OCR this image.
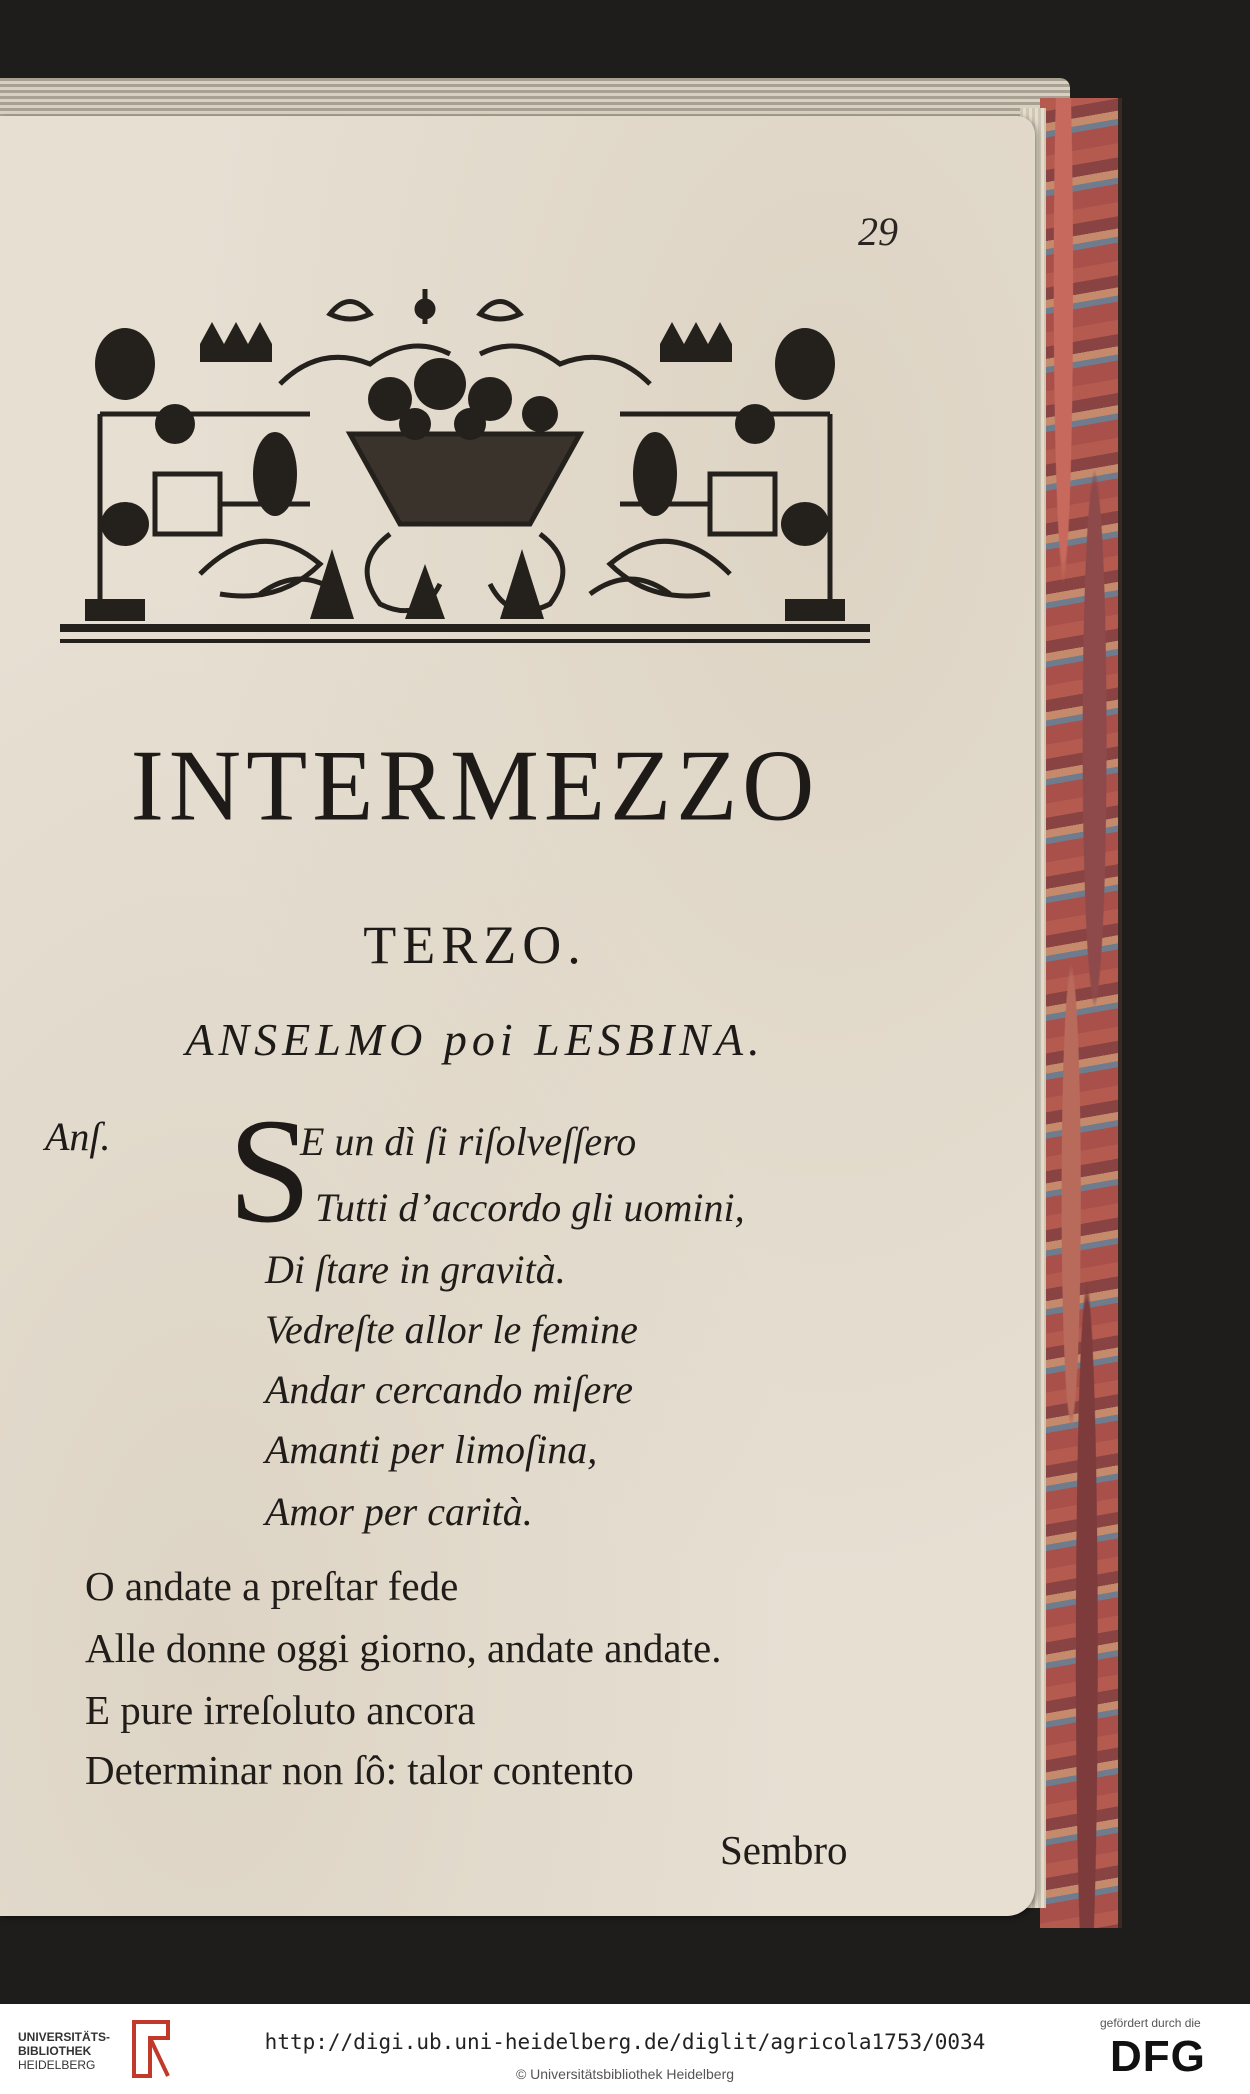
29
INTERMEZZO
TERZO.
ANSELMO poi LESBINA.
Anſ. S
E un dì ſi riſolveſſero
Tutti d’accordo gli uomini,
Di ſtare in gravità.
Vedreſte allor le femine
Andar cercando miſere
Amanti per limoſina,
Amor per carità.
O andate a preſtar fede
Alle donne oggi giorno, andate andate.
E pure irreſoluto ancora
Determinar non ſô: talor contento
Sembro
UNIVERSITÄTS-
BIBLIOTHEK
HEIDELBERG
http://digi.ub.uni-heidelberg.de/diglit/agricola1753/0034
© Universitätsbibliothek Heidelberg
gefördert durch die
DFG
